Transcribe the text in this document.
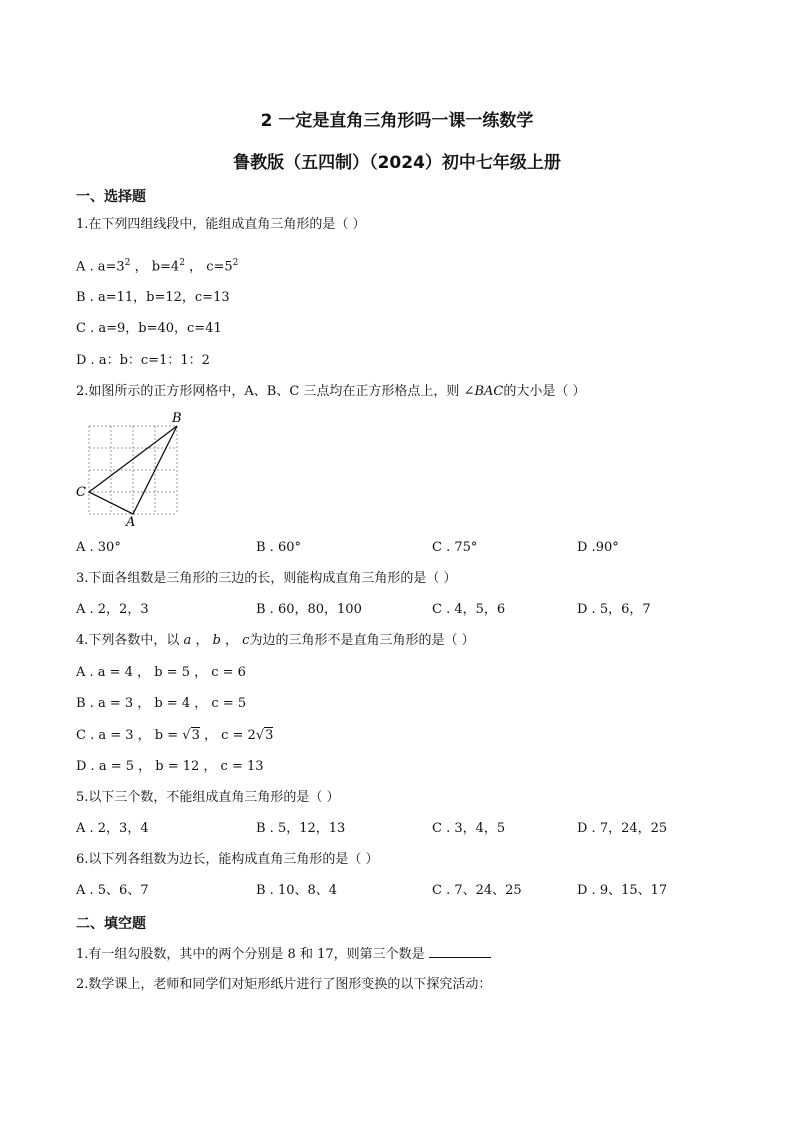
2 一定是直角三角形吗一课一练数学
鲁教版（五四制）（2024）初中七年级上册
一、选择题
1.在下列四组线段中，能组成直角三角形的是（ ）
A . $a=3^2$ ， $b=4^2$ ， $c=5^2$
B . a=11，b=12，c=13
C . a=9，b=40，c=41
D . a：b：c=1：1：2
2.如图所示的正方形网格中，A、B、C 三点均在正方形格点上，则 ∠BAC的大小是（ ）
B
C
A
A . 30°	B . 60°	C . 75°	D .90°
3.下面各组数是三角形的三边的长，则能构成直角三角形的是（ ）
A . 2，2，3	B . 60，80，100	C . 4，5，6	D . 5，6，7
4.下列各数中，以 a ， b ， c为边的三角形不是直角三角形的是（ ）
A . a = 4 ， b = 5 ， c = 6
B . a = 3 ， b = 4 ， c = 5
C . a = 3 ， b = √3 ， c = 2√3
D . a = 5 ， b = 12 ， c = 13
5.以下三个数，不能组成直角三角形的是（ ）
A . 2，3，4	B . 5，12，13	C . 3，4，5	D . 7，24，25
6.以下列各组数为边长，能构成直角三角形的是（ ）
A . 5、6、7	B . 10、8、4	C . 7、24、25	D . 9、15、17
二、填空题
1.有一组勾股数，其中的两个分别是 8 和 17，则第三个数是
2.数学课上，老师和同学们对矩形纸片进行了图形变换的以下探究活动：
